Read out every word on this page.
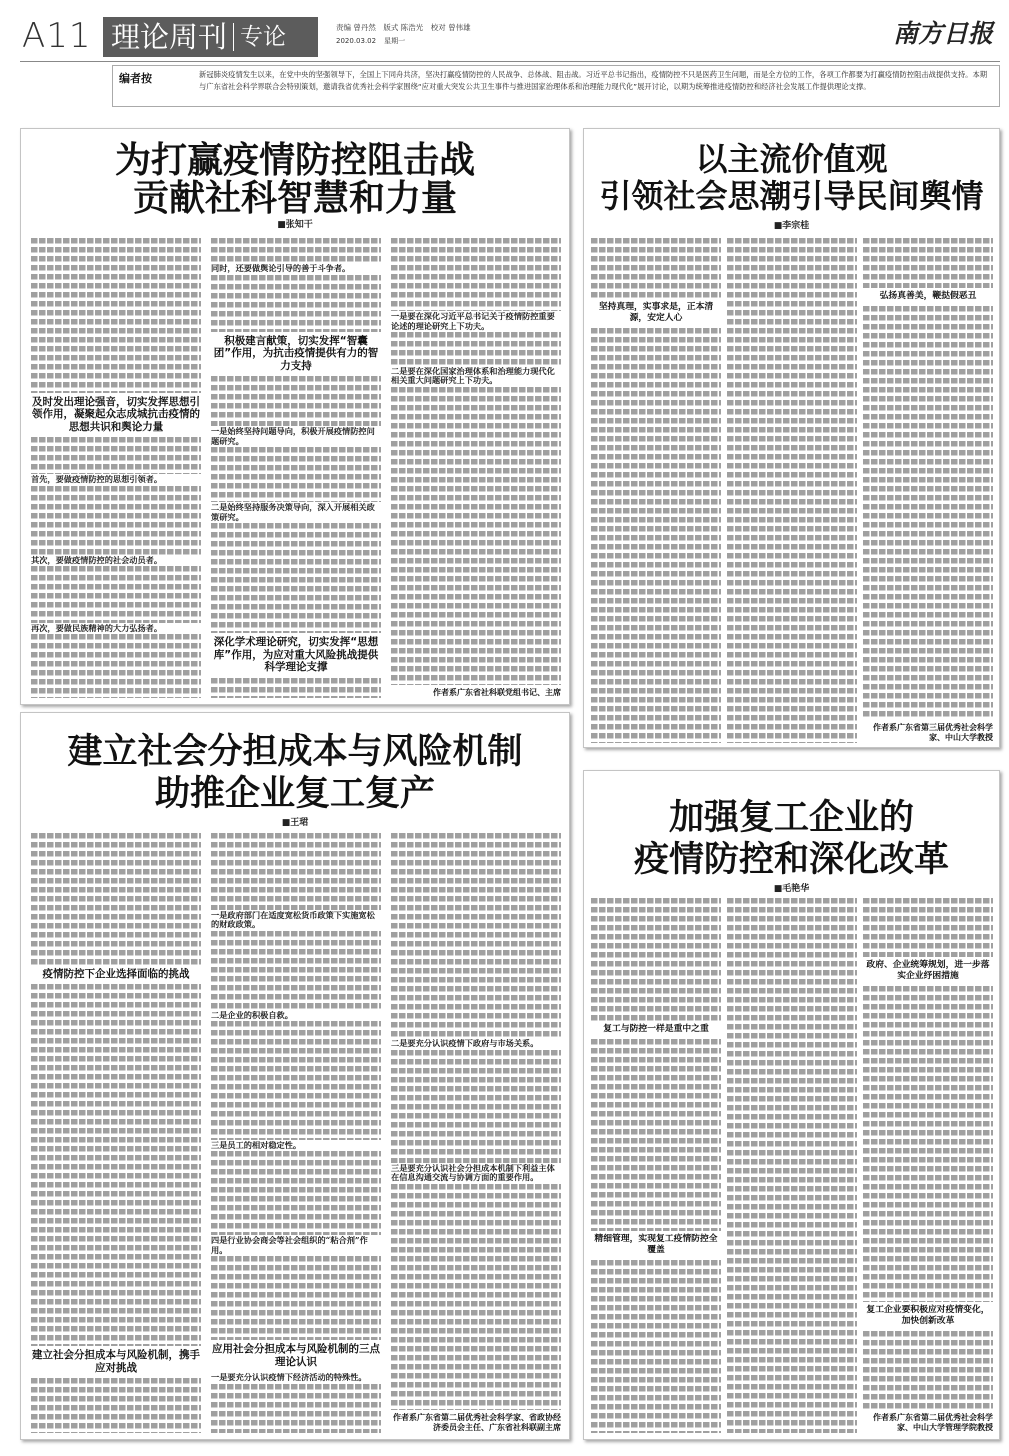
A11 理论周刊 专论	责编 曾丹然　版式 陈浩光　校对 曾伟雄
2020.03.02 星期一	南方日报
编者按	新冠肺炎疫情发生以来，在党中央的坚强领导下，全国上下同舟共济，坚决打赢疫情防控的人民战争、总体战、阻击战。习近平总书记指出，疫情防控不只是医药卫生问题，而是全方位的工作，各项工作都要为打赢疫情防控阻击战提供支持。本期与广东省社会科学界联合会特别策划，邀请我省优秀社会科学家围绕“应对重大突发公共卫生事件与推进国家治理体系和治理能力现代化”展开讨论，以期为统筹推进疫情防控和经济社会发展工作提供理论支撑。
为打赢疫情防控阻击战
贡献社科智慧和力量
■张知干
及时发出理论强音，切实发挥思想引领作用，凝聚起众志成城抗击疫情的思想共识和舆论力量
首先，要做疫情防控的思想引领者。
其次，要做疫情防控的社会动员者。
再次，要做民族精神的大力弘扬者。
同时，还要做舆论引导的善于斗争者。
积极建言献策，切实发挥“智囊团”作用，为抗击疫情提供有力的智力支持
一是始终坚持问题导向，积极开展疫情防控问题研究。
二是始终坚持服务决策导向，深入开展相关政策研究。
深化学术理论研究，切实发挥“思想库”作用，为应对重大风险挑战提供科学理论支撑
一是要在深化习近平总书记关于疫情防控重要论述的理论研究上下功夫。
二是要在深化国家治理体系和治理能力现代化相关重大问题研究上下功夫。
作者系广东省社科联党组书记、主席
以主流价值观
引领社会思潮引导民间舆情
■李宗桂
坚持真理，实事求是，正本清源，安定人心
弘扬真善美，鞭挞假恶丑
作者系广东省第三届优秀社会科学家、中山大学教授
建立社会分担成本与风险机制
助推企业复工复产
■王珺
疫情防控下企业选择面临的挑战
建立社会分担成本与风险机制，携手应对挑战
一是政府部门在适度宽松货币政策下实施宽松的财政政策。
二是企业的积极自救。
三是员工的相对稳定性。
四是行业协会商会等社会组织的“粘合剂”作用。
应用社会分担成本与风险机制的三点理论认识
一是要充分认识疫情下经济活动的特殊性。
二是要充分认识疫情下政府与市场关系。
三是要充分认识社会分担成本机制下利益主体在信息沟通交流与协调方面的重要作用。
作者系广东省第二届优秀社会科学家、省政协经济委员会主任、广东省社科联副主席
加强复工企业的
疫情防控和深化改革
■毛艳华
复工与防控一样是重中之重
精细管理，实现复工疫情防控全覆盖
政府、企业统筹规划，进一步落实企业纾困措施
复工企业要积极应对疫情变化，加快创新改革
作者系广东省第二届优秀社会科学家、中山大学管理学院教授
